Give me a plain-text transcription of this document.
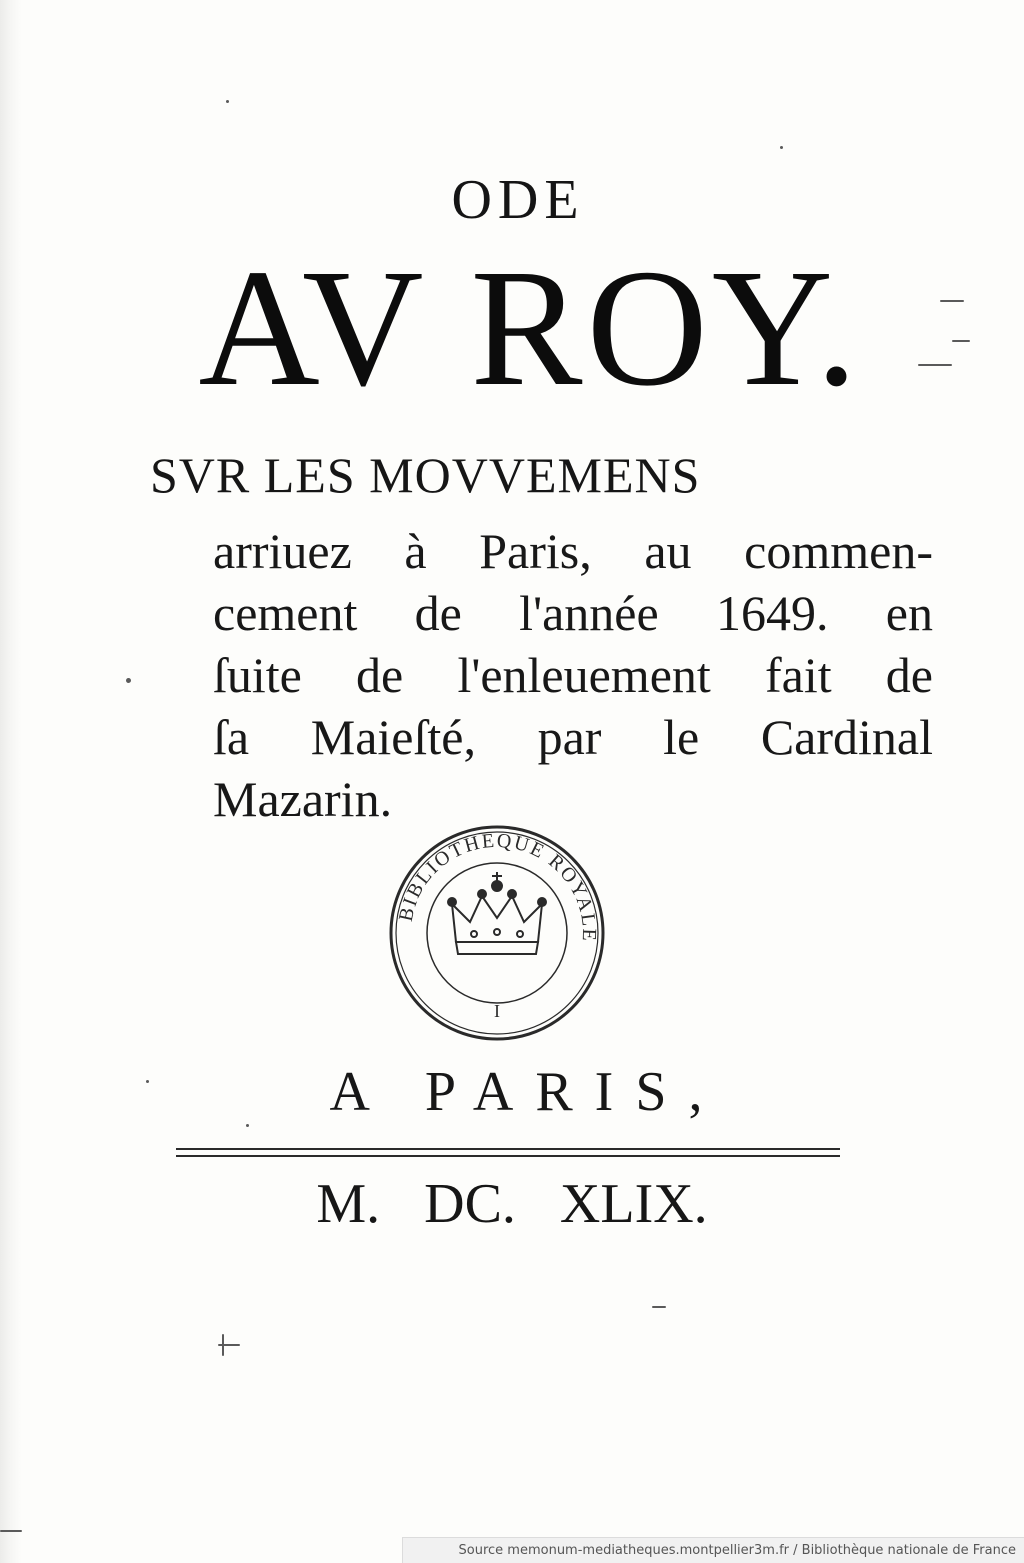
ODE
AV ROY.
SVR LES MOVVEMENS
arriuez à Paris, au commen-
cement de l'année 1649. en
ſuite de l'enleuement fait de
ſa Maieſté, par le Cardinal
Mazarin.
BIBLIOTHEQUE ROYALE
I
A PARIS,
M. DC. XLIX.
Source memonum-mediatheques.montpellier3m.fr / Bibliothèque nationale de France
